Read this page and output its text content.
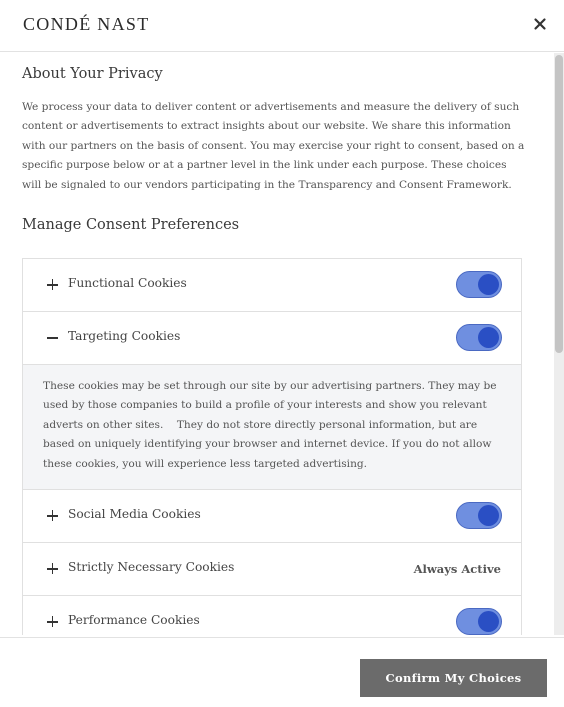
CONDÉ NAST
About Your Privacy
We process your data to deliver content or advertisements and measure the delivery of such content or advertisements to extract insights about our website. We share this information with our partners on the basis of consent. You may exercise your right to consent, based on a specific purpose below or at a partner level in the link under each purpose. These choices will be signaled to our vendors participating in the Transparency and Consent Framework.
Manage Consent Preferences
Functional Cookies
Targeting Cookies
These cookies may be set through our site by our advertising partners. They may be used by those companies to build a profile of your interests and show you relevant adverts on other sites.    They do not store directly personal information, but are based on uniquely identifying your browser and internet device. If you do not allow these cookies, you will experience less targeted advertising.
Social Media Cookies
Strictly Necessary Cookies	Always Active
Performance Cookies
Confirm My Choices
